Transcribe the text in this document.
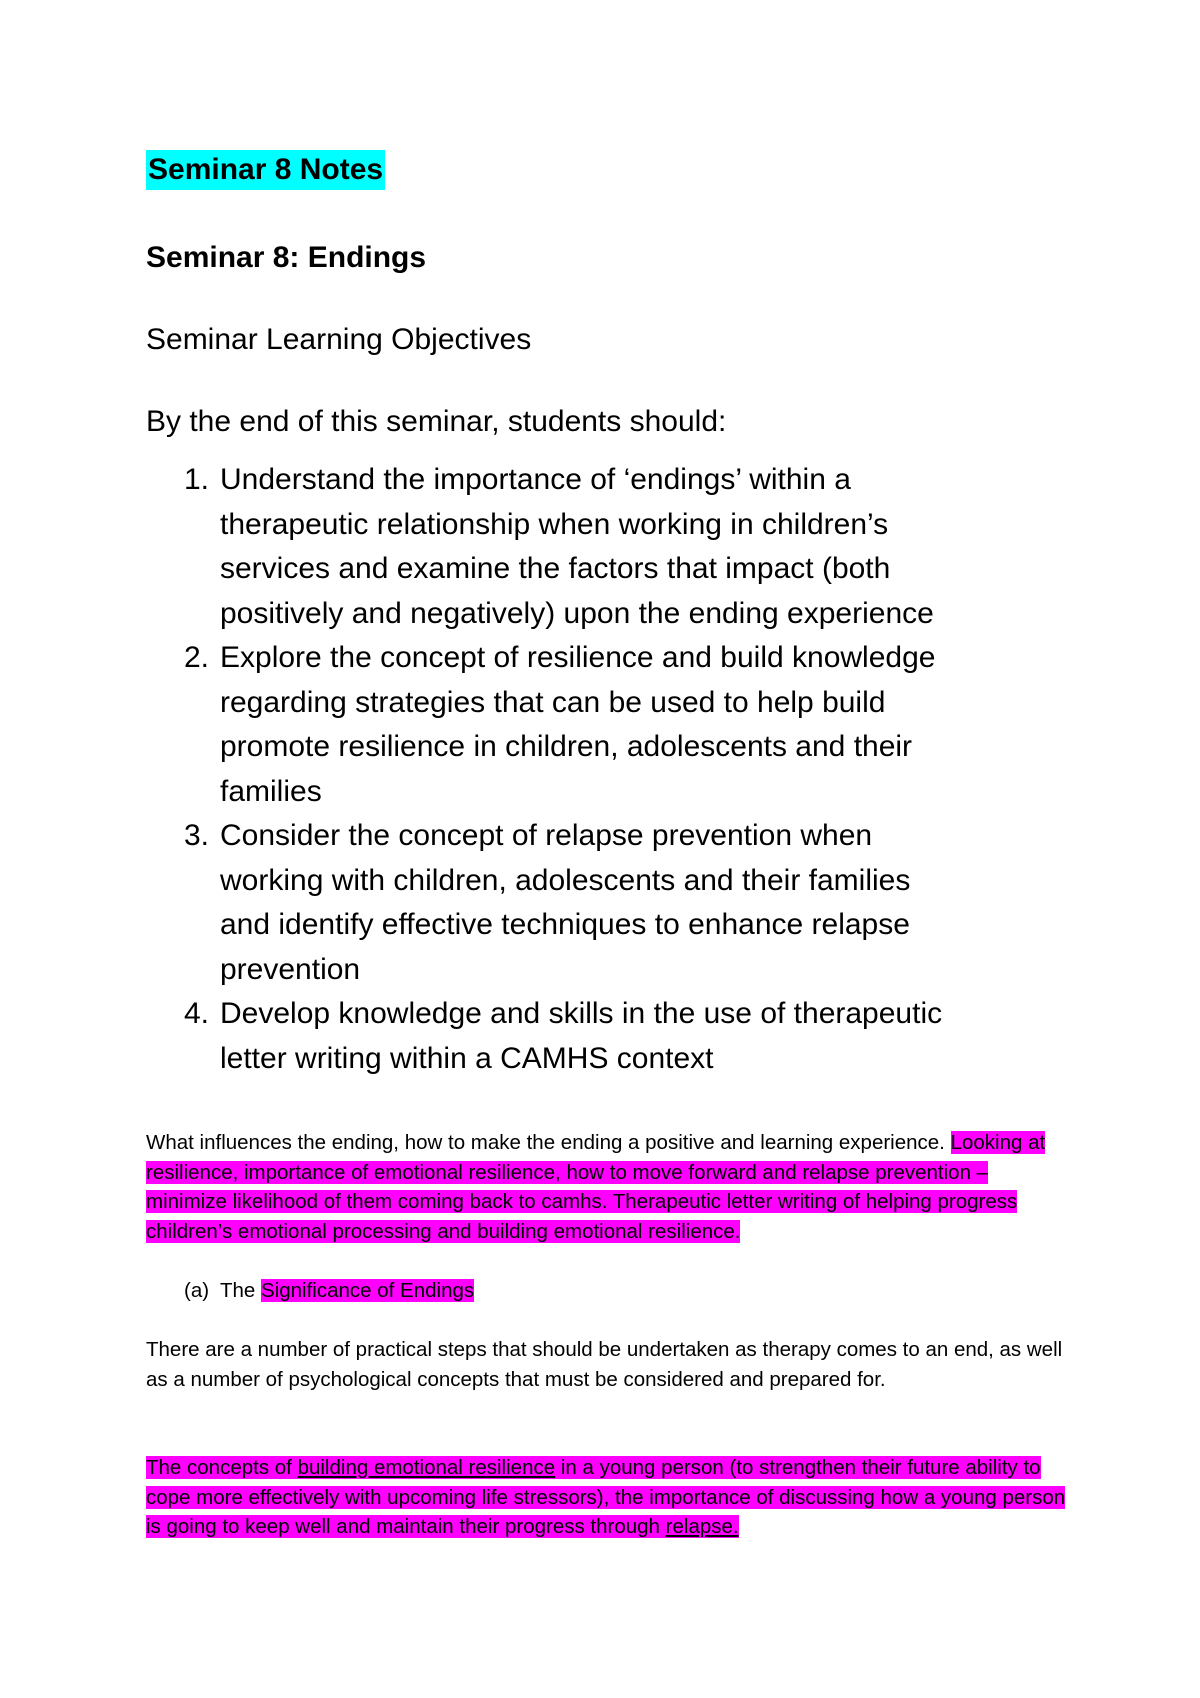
Seminar 8 Notes
Seminar 8: Endings
Seminar Learning Objectives
By the end of this seminar, students should:
1. Understand the importance of ‘endings’ within a
therapeutic relationship when working in children’s
services and examine the factors that impact (both
positively and negatively) upon the ending experience
2. Explore the concept of resilience and build knowledge
regarding strategies that can be used to help build
promote resilience in children, adolescents and their
families
3. Consider the concept of relapse prevention when
working with children, adolescents and their families
and identify effective techniques to enhance relapse
prevention
4. Develop knowledge and skills in the use of therapeutic
letter writing within a CAMHS context
What influences the ending, how to make the ending a positive and learning experience. Looking at resilience, importance of emotional resilience, how to move forward and relapse prevention – minimize likelihood of them coming back to camhs. Therapeutic letter writing of helping progress children’s emotional processing and building emotional resilience.
(a) The Significance of Endings
There are a number of practical steps that should be undertaken as therapy comes to an end, as well as a number of psychological concepts that must be considered and prepared for.
The concepts of building emotional resilience in a young person (to strengthen their future ability to cope more effectively with upcoming life stressors), the importance of discussing how a young person is going to keep well and maintain their progress through relapse.
